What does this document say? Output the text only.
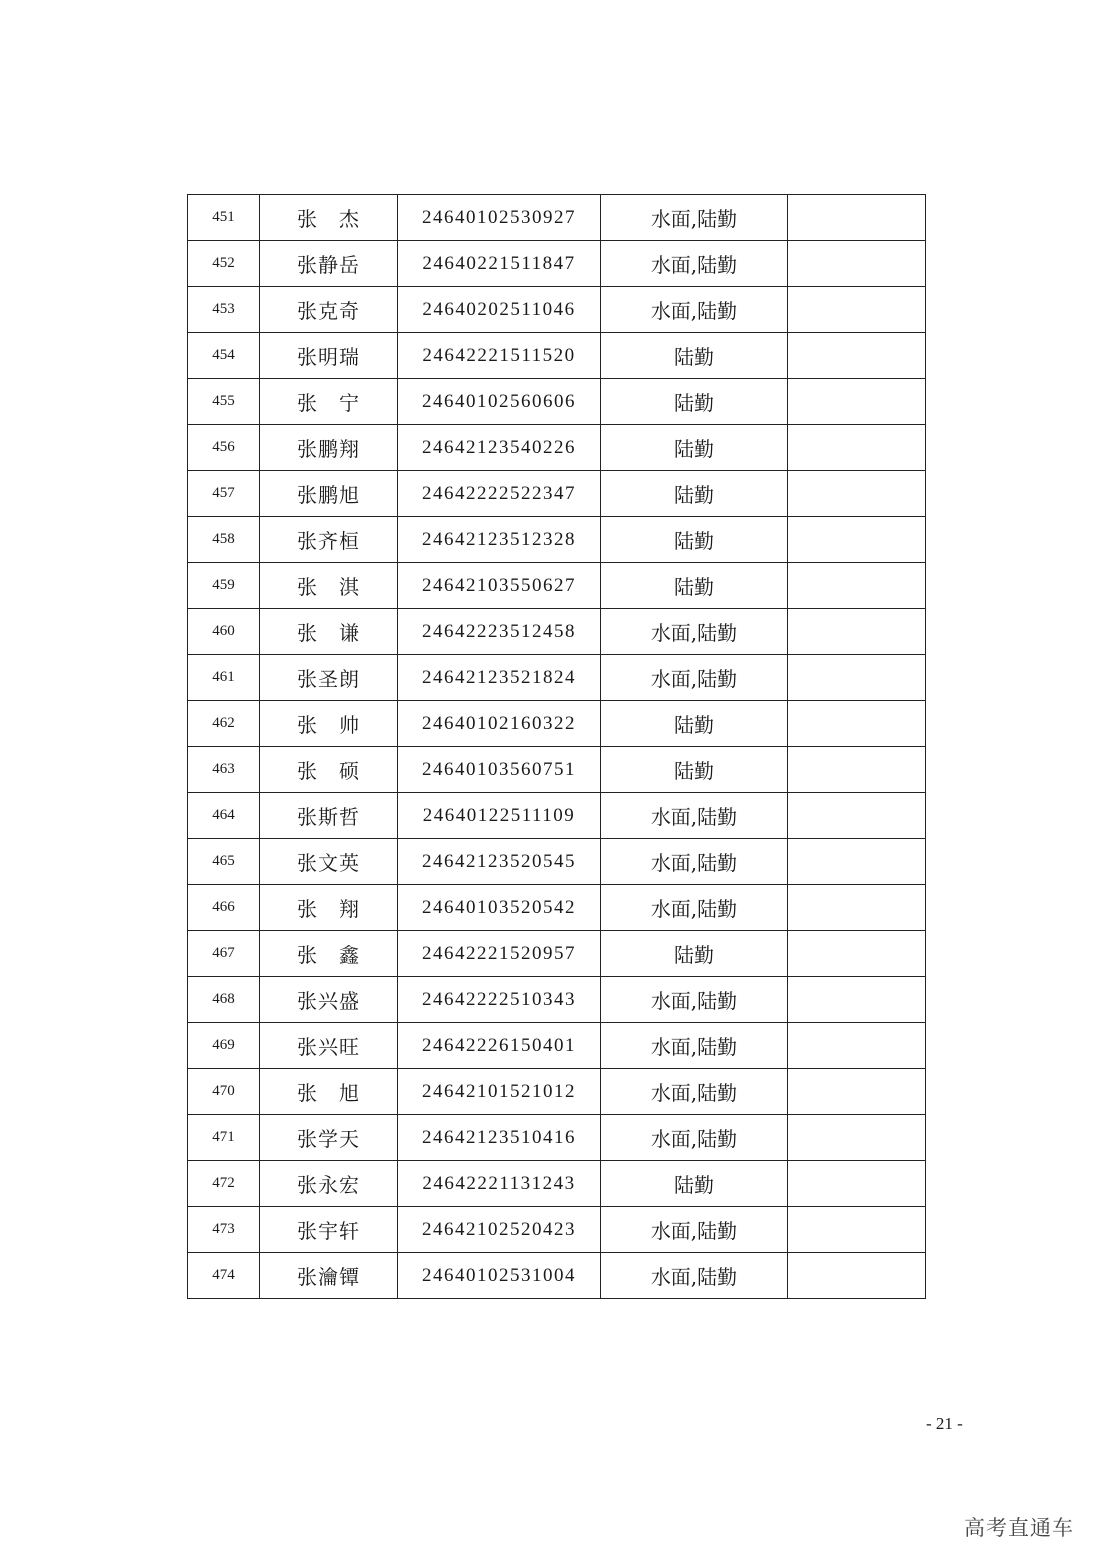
451	张　杰	24640102530927	水面,陆勤	
452	张静岳	24640221511847	水面,陆勤	
453	张克奇	24640202511046	水面,陆勤	
454	张明瑞	24642221511520	陆勤	
455	张　宁	24640102560606	陆勤	
456	张鹏翔	24642123540226	陆勤	
457	张鹏旭	24642222522347	陆勤	
458	张齐桓	24642123512328	陆勤	
459	张　淇	24642103550627	陆勤	
460	张　谦	24642223512458	水面,陆勤	
461	张圣朗	24642123521824	水面,陆勤	
462	张　帅	24640102160322	陆勤	
463	张　硕	24640103560751	陆勤	
464	张斯哲	24640122511109	水面,陆勤	
465	张文英	24642123520545	水面,陆勤	
466	张　翔	24640103520542	水面,陆勤	
467	张　鑫	24642221520957	陆勤	
468	张兴盛	24642222510343	水面,陆勤	
469	张兴旺	24642226150401	水面,陆勤	
470	张　旭	24642101521012	水面,陆勤	
471	张学天	24642123510416	水面,陆勤	
472	张永宏	24642221131243	陆勤	
473	张宇轩	24642102520423	水面,陆勤	
474	张瀹镡	24640102531004	水面,陆勤	
- 21 -
高考直通车
